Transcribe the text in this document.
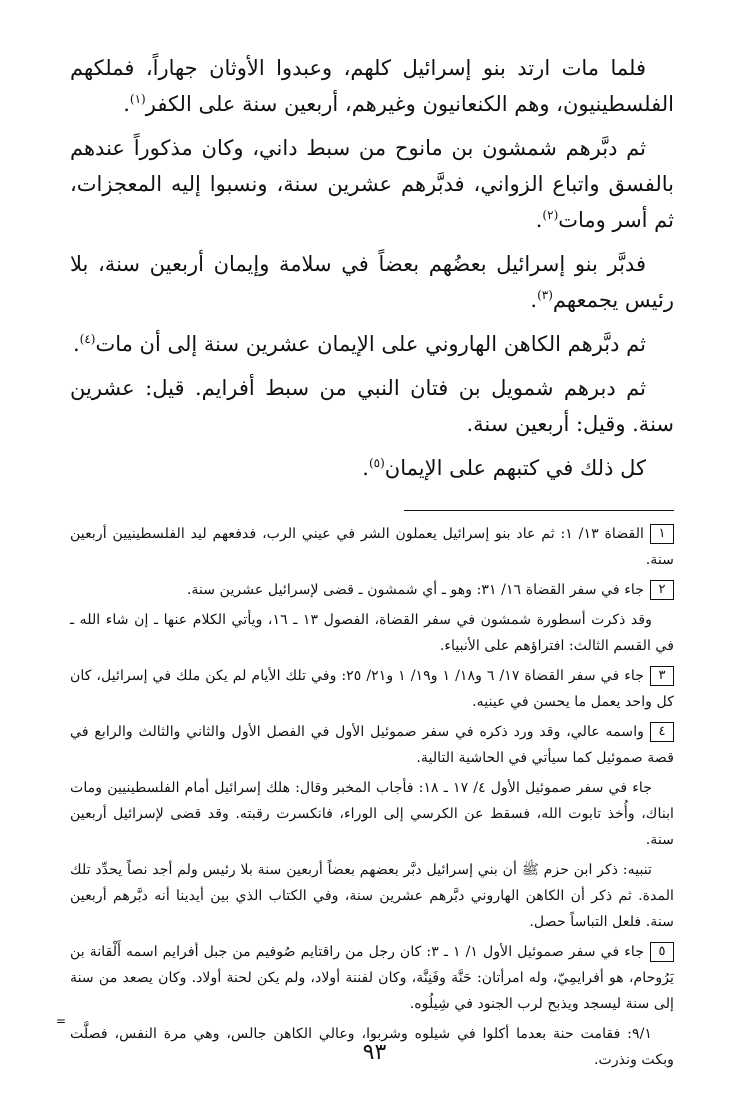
فلما مات ارتد بنو إسرائيل كلهم، وعبدوا الأوثان جهاراً، فملكهم الفلسطينيون، وهم الكنعانيون وغيرهم، أربعين سنة على الكفر$^{(١)}$.

ثم دبَّرهم شمشون بن مانوح من سبط داني، وكان مذكوراً عندهم بالفسق واتباع الزواني، فدبَّرهم عشرين سنة، ونسبوا إليه المعجزات، ثم أسر ومات$^{(٢)}$.

فدبَّر بنو إسرائيل بعضُهم بعضاً في سلامة وإيمان أربعين سنة، بلا رئيس يجمعهم$^{(٣)}$.

ثم دبَّرهم الكاهن الهاروني على الإيمان عشرين سنة إلى أن مات$^{(٤)}$.

ثم دبرهم شمويل بن فتان النبي من سبط أفرايم. قيل: عشرين سنة. وقيل: أربعين سنة.

كل ذلك في كتبهم على الإيمان$^{(٥)}$.

١القضاة ١٣/ ١: ثم عاد بنو إسرائيل يعملون الشر في عيني الرب، فدفعهم ليد الفلسطينيين أربعين سنة.

٢جاء في سفر القضاة ١٦/ ٣١: وهو ـ أي شمشون ـ قضى لإسرائيل عشرين سنة.

وقد ذكرت أسطورة شمشون في سفر القضاة، الفصول ١٣ ـ ١٦، ويأتي الكلام عنها ـ إن شاء الله ـ في القسم الثالث: افتراؤهم على الأنبياء.

٣جاء في سفر القضاة ١٧/ ٦ و١٨/ ١ و١٩/ ١ و٢١/ ٢٥: وفي تلك الأيام لم يكن ملك في إسرائيل، كان كل واحد يعمل ما يحسن في عينيه.

٤واسمه عالي، وقد ورد ذكره في سفر صموئيل الأول في الفصل الأول والثاني والثالث والرابع في قصة صموئيل كما سيأتي في الحاشية التالية.

جاء في سفر صموئيل الأول ٤/ ١٧ ـ ١٨: فأجاب المخبر وقال: هلك إسرائيل أمام الفلسطينيين ومات ابناك، وأُخذ تابوت الله، فسقط عن الكرسي إلى الوراء، فانكسرت رقبته. وقد قضى لإسرائيل أربعين سنة.

تنبيه: ذكر ابن حزم ﷺ أن بني إسرائيل دبَّر بعضهم بعضاً أربعين سنة بلا رئيس ولم أجد نصاً يحدِّد تلك المدة. ثم ذكر أن الكاهن الهاروني دبَّرهم عشرين سنة، وفي الكتاب الذي بين أيدينا أنه دبَّرهم أربعين سنة. فلعل التباساً حصل.

٥جاء في سفر صموئيل الأول ١/ ١ ـ ٣: كان رجل من راقتايم صُوفيم من جبل أفرايم اسمه أَلْقانة بن يَرُوحام، هو أفرايمِيّ، وله امرأتان: حَنَّة وفَنِنَّة، وكان لفننة أولاد، ولم يكن لحنة أولاد. وكان يصعد من سنة إلى سنة ليسجد ويذبح لرب الجنود في شِيلُوه.

٩/١: فقامت حنة بعدما أكلوا في شيلوه وشربوا، وعالي الكاهن جالس، وهي مرة النفس، فصلَّت وبكت ونذرت.

=
٩٣
